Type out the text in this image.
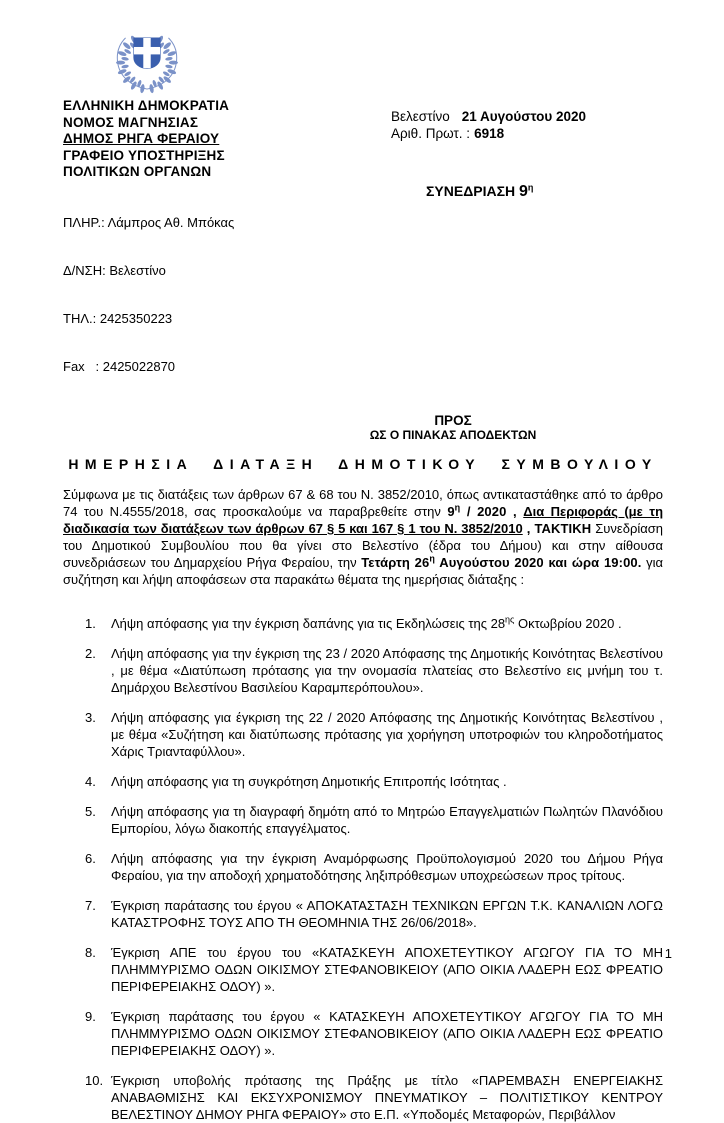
ΕΛΛΗΝΙΚΗ ΔΗΜΟΚΡΑΤΙΑ
ΝΟΜΟΣ ΜΑΓΝΗΣΙΑΣ
ΔΗΜΟΣ ΡΗΓΑ ΦΕΡΑΙΟΥ
ΓΡΑΦΕΙΟ ΥΠΟΣΤΗΡΙΞΗΣ
ΠΟΛΙΤΙΚΩΝ ΟΡΓΑΝΩΝ
Βελεστίνο 21 Αυγούστου 2020
Αριθ. Πρωτ. : 6918

ΠΛΗΡ.: Λάμπρος Αθ. Μπόκας

Δ/ΝΣΗ: Βελεστίνο

ΤΗΛ.: 2425350223

Fax   : 2425022870

ΣΥΝΕΔΡΙΑΣΗ $9^\eta$
ΠΡΟΣ
ΩΣ Ο ΠΙΝΑΚΑΣ ΑΠΟΔΕΚΤΩΝ
ΗΜΕΡΗΣΙΑ ΔΙΑΤΑΞΗ ΔΗΜΟΤΙΚΟΥ ΣΥΜΒΟΥΛΙΟΥ

Σύμφωνα με τις διατάξεις των άρθρων 67 & 68 του Ν. 3852/2010, όπως αντικαταστάθηκε από το άρθρο 74 του Ν.4555/2018, σας προσκαλούμε να παραβρεθείτε στην $9^\eta / 2020$ , Δια Περιφοράς (με τη διαδικασία των διατάξεων των άρθρων 67 § 5 και 167 § 1 του Ν. 3852/2010 , ΤΑΚΤΙΚΗ Συνεδρίαση του Δημοτικού Συμβουλίου που θα γίνει στο Βελεστίνο (έδρα του Δήμου) και στην αίθουσα συνεδριάσεων του Δημαρχείου Ρήγα Φεραίου, την Τετάρτη $26^\eta$ Αυγούστου 2020 και ώρα 19:00. για συζήτηση και λήψη αποφάσεων στα παρακάτω θέματα της ημερήσιας διάταξης :

Λήψη απόφασης για την έγκριση δαπάνης για τις Εκδηλώσεις της $28^{\eta\varsigma}$ Οκτωβρίου 2020 .
Λήψη απόφασης για την έγκριση της 23 / 2020 Απόφασης της Δημοτικής Κοινότητας Βελεστίνου , με θέμα «Διατύπωση πρότασης για την ονομασία πλατείας στο Βελεστίνο εις μνήμη του τ. Δημάρχου Βελεστίνου Βασιλείου Καραμπερόπουλου».
Λήψη απόφασης για έγκριση της 22 / 2020 Απόφασης της Δημοτικής Κοινότητας Βελεστίνου , με θέμα «Συζήτηση και διατύπωσης πρότασης για χορήγηση υποτροφιών του κληροδοτήματος Χάρις Τριανταφύλλου».
Λήψη απόφασης για τη συγκρότηση Δημοτικής Επιτροπής Ισότητας .
Λήψη απόφασης για τη διαγραφή δημότη από το Μητρώο Επαγγελματιών Πωλητών Πλανόδιου Εμπορίου, λόγω διακοπής επαγγέλματος.
Λήψη απόφασης για την έγκριση Αναμόρφωσης Προϋπολογισμού 2020 του Δήμου Ρήγα Φεραίου, για την αποδοχή χρηματοδότησης ληξιπρόθεσμων υποχρεώσεων προς τρίτους.
Έγκριση παράτασης του έργου « ΑΠΟΚΑΤΑΣΤΑΣΗ ΤΕΧΝΙΚΩΝ ΕΡΓΩΝ Τ.Κ. ΚΑΝΑΛΙΩΝ ΛΟΓΩ ΚΑΤΑΣΤΡΟΦΗΣ ΤΟΥΣ ΑΠΟ ΤΗ ΘΕΟΜΗΝΙΑ ΤΗΣ 26/06/2018».
Έγκριση ΑΠΕ του έργου του «ΚΑΤΑΣΚΕΥΗ ΑΠΟΧΕΤΕΥΤΙΚΟΥ ΑΓΩΓΟΥ ΓΙΑ ΤΟ ΜΗ ΠΛΗΜΜΥΡΙΣΜΟ ΟΔΩΝ ΟΙΚΙΣΜΟΥ ΣΤΕΦΑΝΟΒΙΚΕΙΟΥ (ΑΠΟ ΟΙΚΙΑ ΛΑΔΕΡΗ ΕΩΣ ΦΡΕΑΤΙΟ ΠΕΡΙΦΕΡΕΙΑΚΗΣ ΟΔΟΥ) ».
Έγκριση παράτασης του έργου « ΚΑΤΑΣΚΕΥΗ ΑΠΟΧΕΤΕΥΤΙΚΟΥ ΑΓΩΓΟΥ ΓΙΑ ΤΟ ΜΗ ΠΛΗΜΜΥΡΙΣΜΟ ΟΔΩΝ ΟΙΚΙΣΜΟΥ ΣΤΕΦΑΝΟΒΙΚΕΙΟΥ (ΑΠΟ ΟΙΚΙΑ ΛΑΔΕΡΗ ΕΩΣ ΦΡΕΑΤΙΟ ΠΕΡΙΦΕΡΕΙΑΚΗΣ ΟΔΟΥ) ».
Έγκριση υποβολής πρότασης της Πράξης με τίτλο «ΠΑΡΕΜΒΑΣΗ ΕΝΕΡΓΕΙΑΚΗΣ ΑΝΑΒΑΘΜΙΣΗΣ ΚΑΙ ΕΚΣΥΧΡΟΝΙΣΜΟΥ ΠΝΕΥΜΑΤΙΚΟΥ – ΠΟΛΙΤΙΣΤΙΚΟΥ ΚΕΝΤΡΟΥ ΒΕΛΕΣΤΙΝΟΥ ΔΗΜΟΥ ΡΗΓΑ ΦΕΡΑΙΟΥ» στο Ε.Π. «Υποδομές Μεταφορών, Περιβάλλον
1
